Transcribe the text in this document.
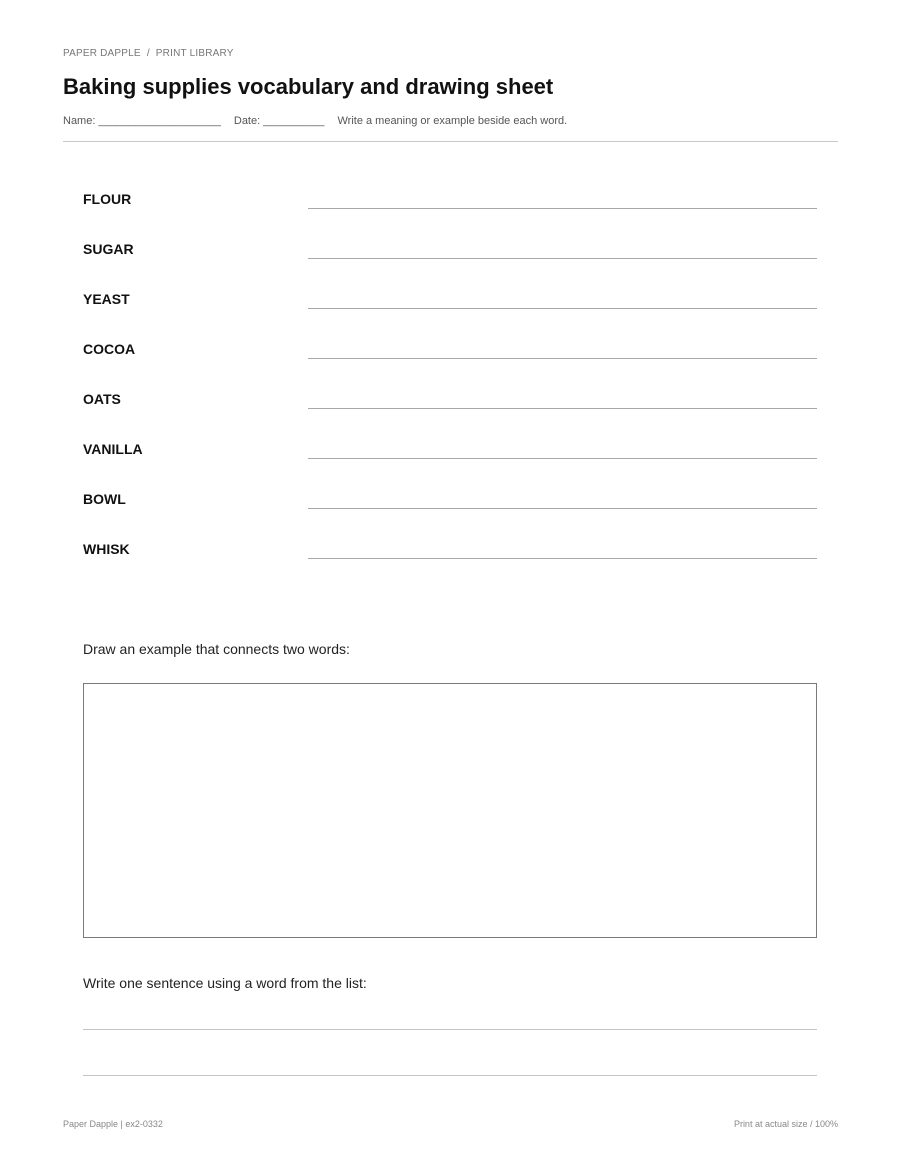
PAPER DAPPLE / PRINT LIBRARY
Baking supplies vocabulary and drawing sheet
Name: ____________________ Date: __________ Write a meaning or example beside each word.
FLOUR
SUGAR
YEAST
COCOA
OATS
VANILLA
BOWL
WHISK
Draw an example that connects two words:
Write one sentence using a word from the list:
Paper Dapple | ex2-0332	Print at actual size / 100%
